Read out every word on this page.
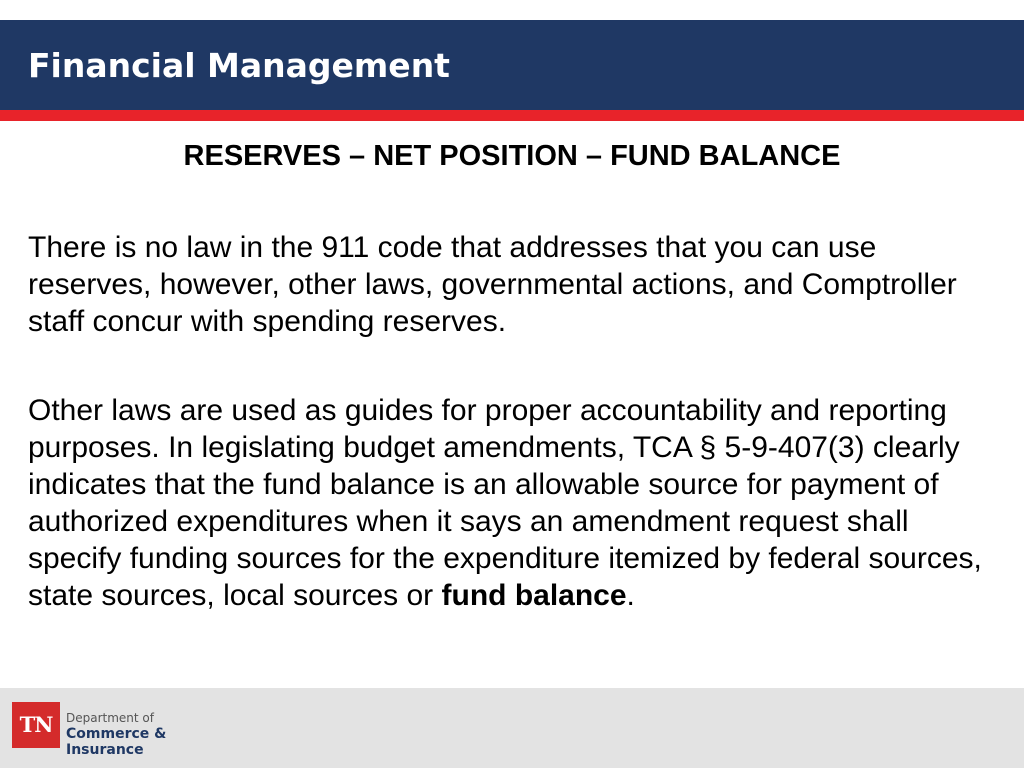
Financial Management
RESERVES – NET POSITION – FUND BALANCE

There is no law in the 911 code that addresses that you can use reserves, however, other laws, governmental actions, and Comptroller staff concur with spending reserves.

Other laws are used as guides for proper accountability and reporting purposes. In legislating budget amendments, TCA § 5-9-407(3) clearly indicates that the fund balance is an allowable source for payment of authorized expenditures when it says an amendment request shall specify funding sources for the expenditure itemized by federal sources, state sources, local sources or fund balance.

TN	Department of
Commerce &
Insurance
